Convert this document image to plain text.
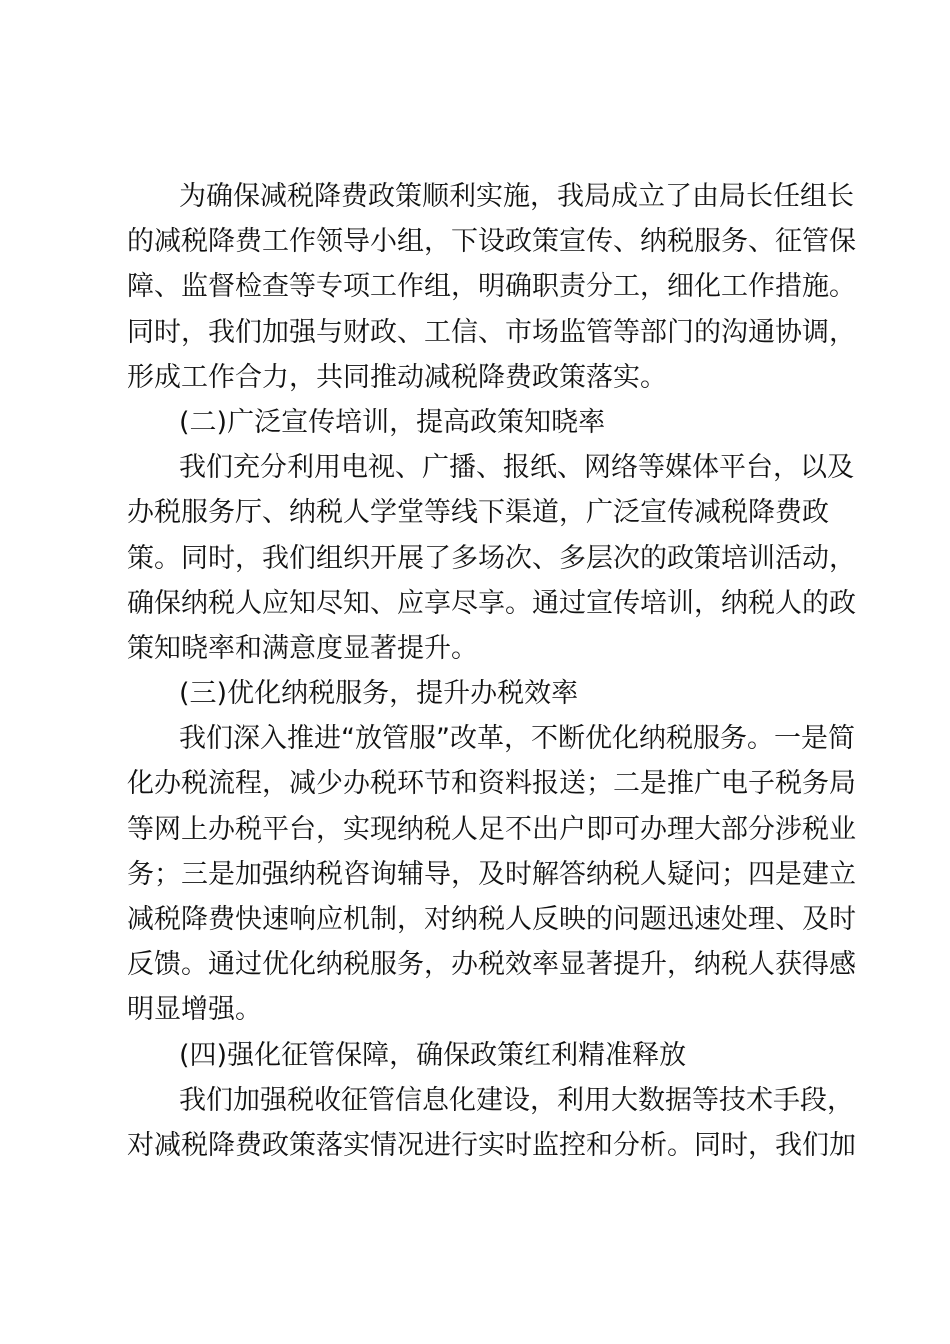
为确保减税降费政策顺利实施，我局成立了由局长任组长
的减税降费工作领导小组，下设政策宣传、纳税服务、征管保
障、监督检查等专项工作组，明确职责分工，细化工作措施。
同时，我们加强与财政、工信、市场监管等部门的沟通协调，
形成工作合力，共同推动减税降费政策落实。
(二)广泛宣传培训，提高政策知晓率
我们充分利用电视、广播、报纸、网络等媒体平台，以及
办税服务厅、纳税人学堂等线下渠道，广泛宣传减税降费政
策。同时，我们组织开展了多场次、多层次的政策培训活动，
确保纳税人应知尽知、应享尽享。通过宣传培训，纳税人的政
策知晓率和满意度显著提升。
(三)优化纳税服务，提升办税效率
我们深入推进“放管服”改革，不断优化纳税服务。一是简
化办税流程，减少办税环节和资料报送；二是推广电子税务局
等网上办税平台，实现纳税人足不出户即可办理大部分涉税业
务；三是加强纳税咨询辅导，及时解答纳税人疑问；四是建立
减税降费快速响应机制，对纳税人反映的问题迅速处理、及时
反馈。通过优化纳税服务，办税效率显著提升，纳税人获得感
明显增强。
(四)强化征管保障，确保政策红利精准释放
我们加强税收征管信息化建设，利用大数据等技术手段，
对减税降费政策落实情况进行实时监控和分析。同时，我们加
